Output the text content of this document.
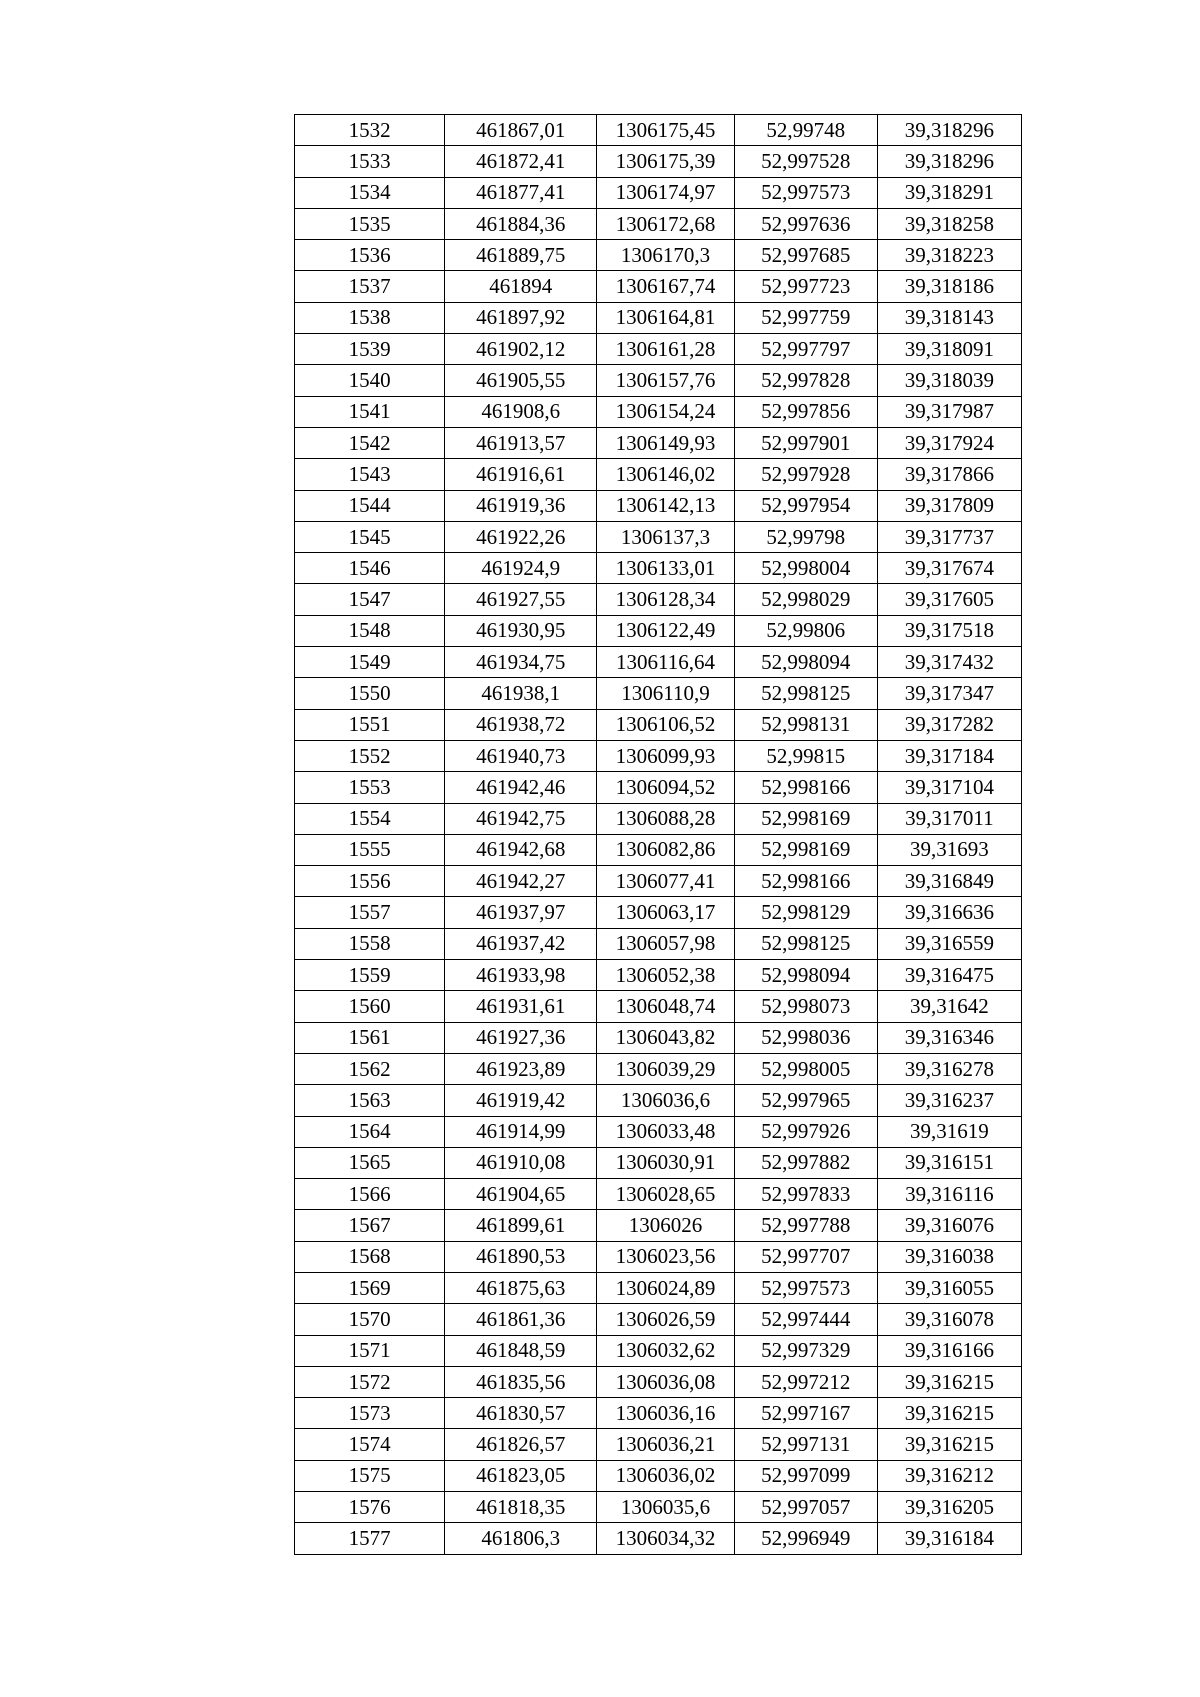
1532	461867,01	1306175,45	52,99748	39,318296
1533	461872,41	1306175,39	52,997528	39,318296
1534	461877,41	1306174,97	52,997573	39,318291
1535	461884,36	1306172,68	52,997636	39,318258
1536	461889,75	1306170,3	52,997685	39,318223
1537	461894	1306167,74	52,997723	39,318186
1538	461897,92	1306164,81	52,997759	39,318143
1539	461902,12	1306161,28	52,997797	39,318091
1540	461905,55	1306157,76	52,997828	39,318039
1541	461908,6	1306154,24	52,997856	39,317987
1542	461913,57	1306149,93	52,997901	39,317924
1543	461916,61	1306146,02	52,997928	39,317866
1544	461919,36	1306142,13	52,997954	39,317809
1545	461922,26	1306137,3	52,99798	39,317737
1546	461924,9	1306133,01	52,998004	39,317674
1547	461927,55	1306128,34	52,998029	39,317605
1548	461930,95	1306122,49	52,99806	39,317518
1549	461934,75	1306116,64	52,998094	39,317432
1550	461938,1	1306110,9	52,998125	39,317347
1551	461938,72	1306106,52	52,998131	39,317282
1552	461940,73	1306099,93	52,99815	39,317184
1553	461942,46	1306094,52	52,998166	39,317104
1554	461942,75	1306088,28	52,998169	39,317011
1555	461942,68	1306082,86	52,998169	39,31693
1556	461942,27	1306077,41	52,998166	39,316849
1557	461937,97	1306063,17	52,998129	39,316636
1558	461937,42	1306057,98	52,998125	39,316559
1559	461933,98	1306052,38	52,998094	39,316475
1560	461931,61	1306048,74	52,998073	39,31642
1561	461927,36	1306043,82	52,998036	39,316346
1562	461923,89	1306039,29	52,998005	39,316278
1563	461919,42	1306036,6	52,997965	39,316237
1564	461914,99	1306033,48	52,997926	39,31619
1565	461910,08	1306030,91	52,997882	39,316151
1566	461904,65	1306028,65	52,997833	39,316116
1567	461899,61	1306026	52,997788	39,316076
1568	461890,53	1306023,56	52,997707	39,316038
1569	461875,63	1306024,89	52,997573	39,316055
1570	461861,36	1306026,59	52,997444	39,316078
1571	461848,59	1306032,62	52,997329	39,316166
1572	461835,56	1306036,08	52,997212	39,316215
1573	461830,57	1306036,16	52,997167	39,316215
1574	461826,57	1306036,21	52,997131	39,316215
1575	461823,05	1306036,02	52,997099	39,316212
1576	461818,35	1306035,6	52,997057	39,316205
1577	461806,3	1306034,32	52,996949	39,316184
